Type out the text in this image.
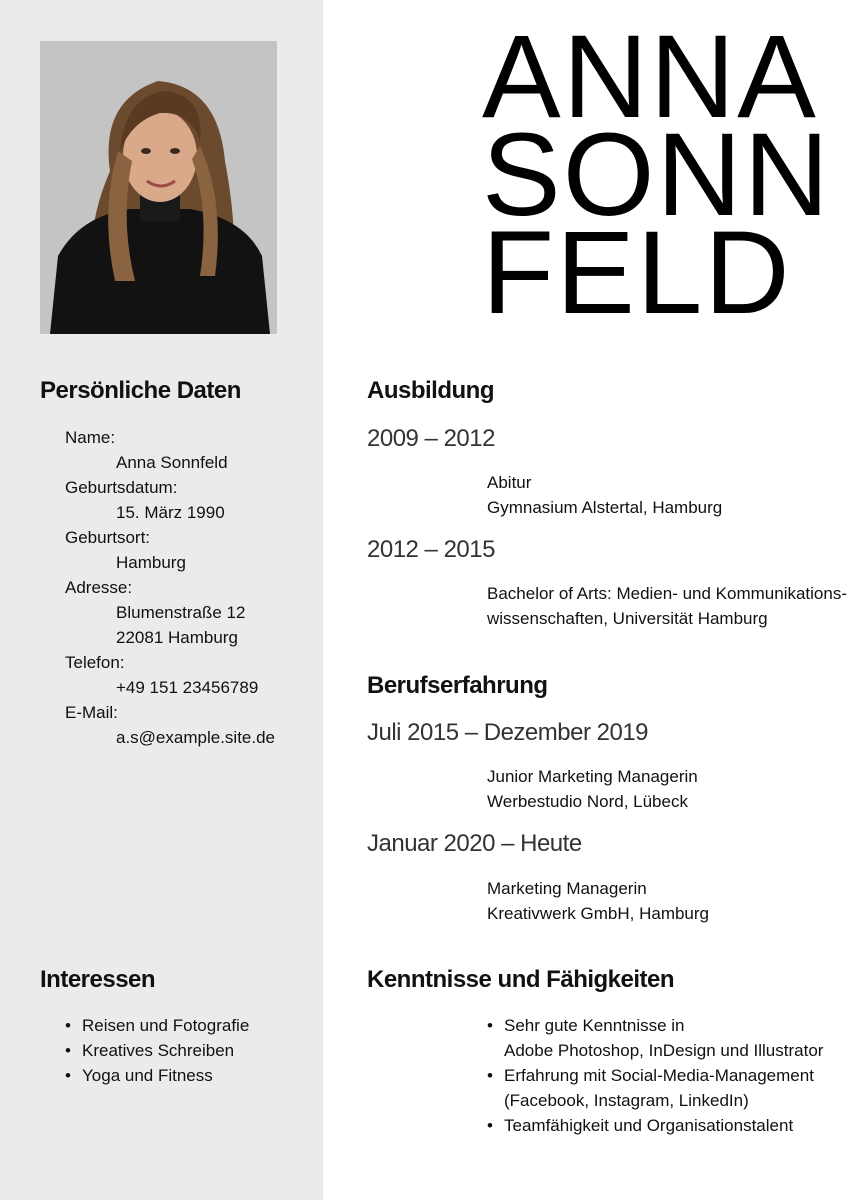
ANNA
SONN
FELD
Persönliche Daten
Name:
Anna Sonnfeld
Geburtsdatum:
15. März 1990
Geburtsort:
Hamburg
Adresse:
Blumenstraße 12
22081 Hamburg
Telefon:
+49 151 23456789
E-Mail:
a.s@example.site.de
Interessen
• Reisen und Fotografie
• Kreatives Schreiben
• Yoga und Fitness
Ausbildung
2009 – 2012
Abitur
Gymnasium Alstertal, Hamburg
2012 – 2015
Bachelor of Arts: Medien- und Kommunikations-
wissenschaften, Universität Hamburg
Berufserfahrung
Juli 2015 – Dezember 2019
Junior Marketing Managerin
Werbestudio Nord, Lübeck
Januar 2020 – Heute
Marketing Managerin
Kreativwerk GmbH, Hamburg
Kenntnisse und Fähigkeiten
• Sehr gute Kenntnisse in
Adobe Photoshop, InDesign und Illustrator
• Erfahrung mit Social-Media-Management
(Facebook, Instagram, LinkedIn)
• Teamfähigkeit und Organisationstalent
